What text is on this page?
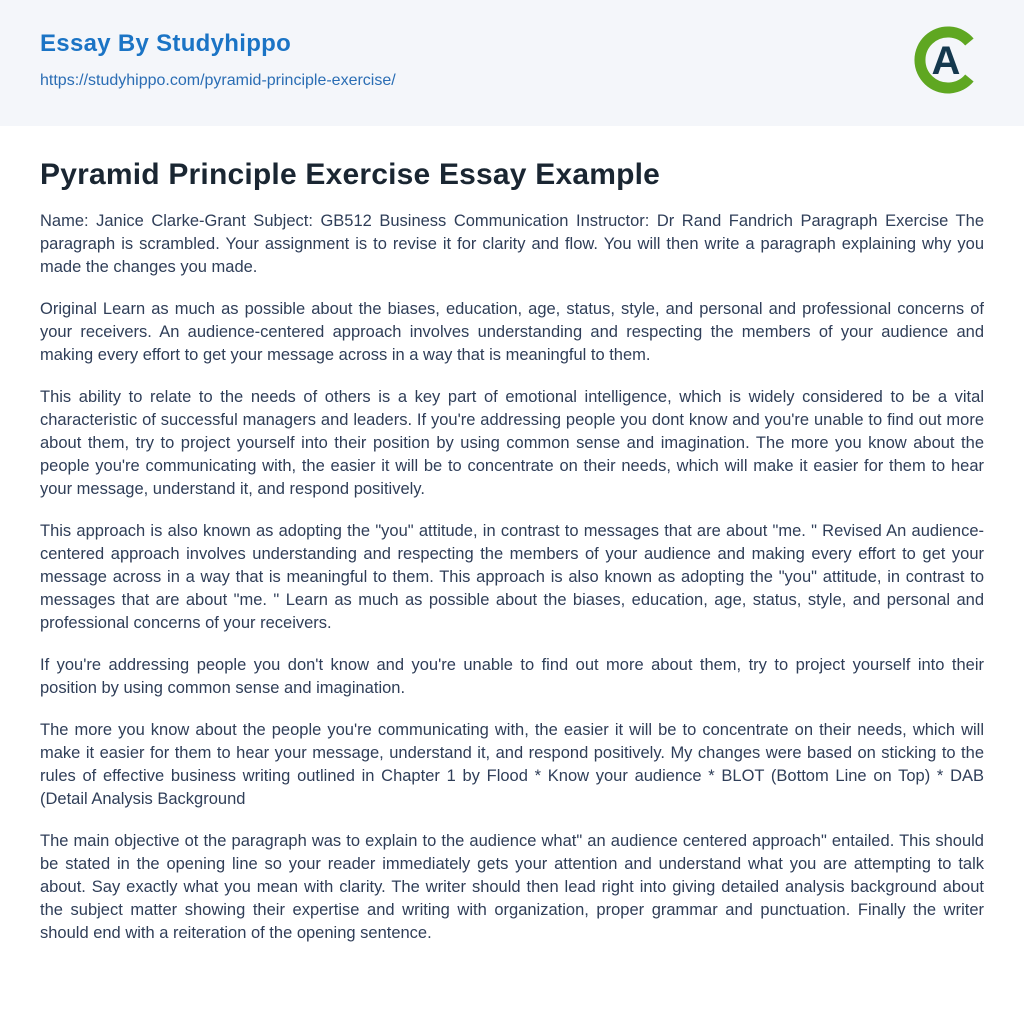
Essay By Studyhippo
https://studyhippo.com/pyramid-principle-exercise/	A
Pyramid Principle Exercise Essay Example

Name: Janice Clarke-Grant Subject: GB512 Business Communication Instructor: Dr Rand Fandrich Paragraph Exercise The paragraph is scrambled. Your assignment is to revise it for clarity and flow. You will then write a paragraph explaining why you made the changes you made.

Original Learn as much as possible about the biases, education, age, status, style, and personal and professional concerns of your receivers. An audience-centered approach involves understanding and respecting the members of your audience and making every effort to get your message across in a way that is meaningful to them.

This ability to relate to the needs of others is a key part of emotional intelligence, which is widely considered to be a vital characteristic of successful managers and leaders. If you're addressing people you dont know and you're unable to find out more about them, try to project yourself into their position by using common sense and imagination. The more you know about the people you're communicating with, the easier it will be to concentrate on their needs, which will make it easier for them to hear your message, understand it, and respond positively.

This approach is also known as adopting the "you" attitude, in contrast to messages that are about "me. " Revised An audience-centered approach involves understanding and respecting the members of your audience and making every effort to get your message across in a way that is meaningful to them. This approach is also known as adopting the "you" attitude, in contrast to messages that are about "me. " Learn as much as possible about the biases, education, age, status, style, and personal and professional concerns of your receivers.

If you're addressing people you don't know and you're unable to find out more about them, try to project yourself into their position by using common sense and imagination.

The more you know about the people you're communicating with, the easier it will be to concentrate on their needs, which will make it easier for them to hear your message, understand it, and respond positively. My changes were based on sticking to the rules of effective business writing outlined in Chapter 1 by Flood * Know your audience * BLOT (Bottom Line on Top) * DAB (Detail Analysis Background

The main objective ot the paragraph was to explain to the audience what" an audience centered approach" entailed. This should be stated in the opening line so your reader immediately gets your attention and understand what you are attempting to talk about. Say exactly what you mean with clarity. The writer should then lead right into giving detailed analysis background about the subject matter showing their expertise and writing with organization, proper grammar and punctuation. Finally the writer should end with a reiteration of the opening sentence.
